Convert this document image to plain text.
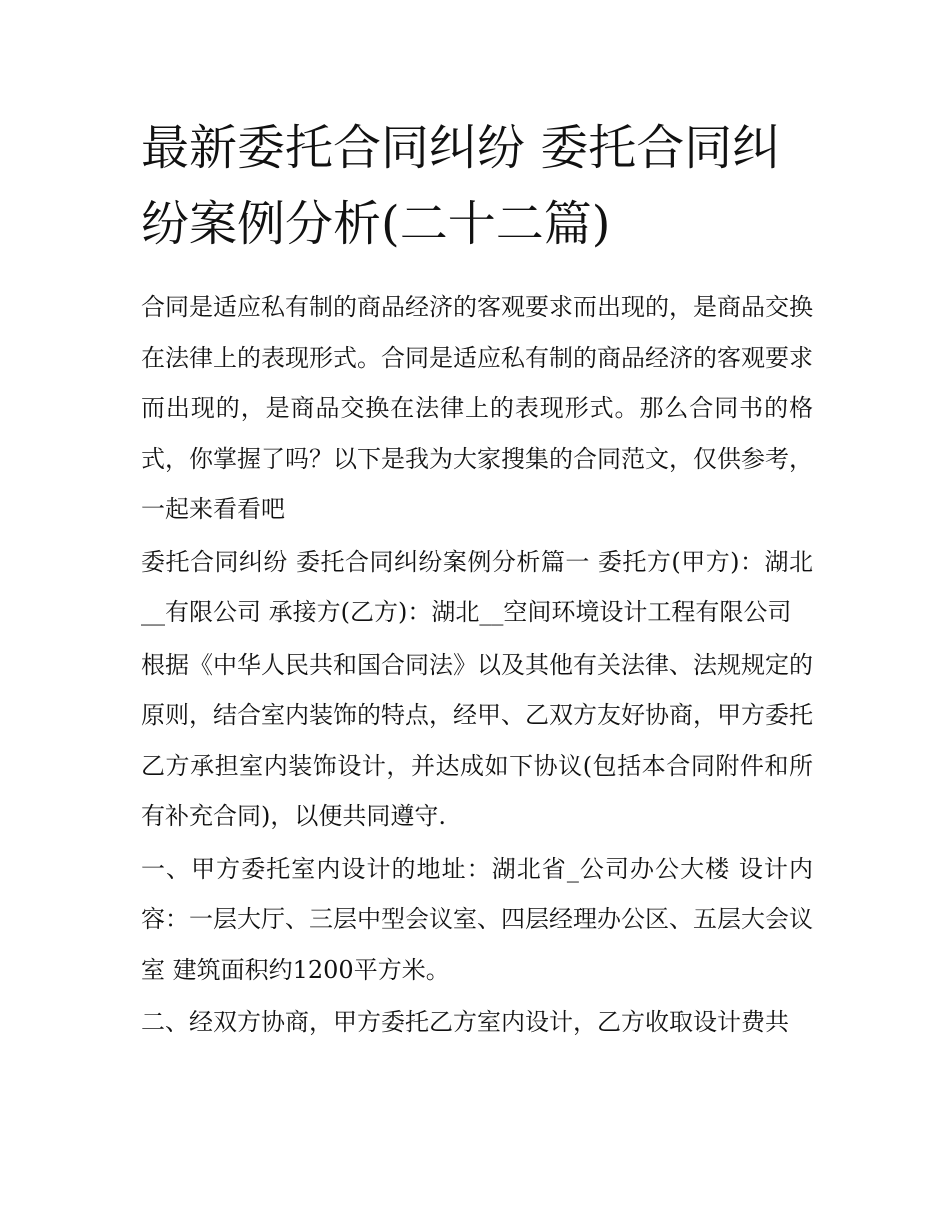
最新委托合同纠纷 委托合同纠纷案例分析(二十二篇)

合同是适应私有制的商品经济的客观要求而出现的，是商品交换在法律上的表现形式。合同是适应私有制的商品经济的客观要求而出现的，是商品交换在法律上的表现形式。那么合同书的格式，你掌握了吗？以下是我为大家搜集的合同范文，仅供参考，一起来看看吧

委托合同纠纷 委托合同纠纷案例分析篇一 委托方(甲方)：湖北__有限公司 承接方(乙方)：湖北__空间环境设计工程有限公司

根据《中华人民共和国合同法》以及其他有关法律、法规规定的原则，结合室内装饰的特点，经甲、乙双方友好协商，甲方委托乙方承担室内装饰设计，并达成如下协议(包括本合同附件和所有补充合同)，以便共同遵守.

一、甲方委托室内设计的地址：湖北省_公司办公大楼 设计内容：一层大厅、三层中型会议室、四层经理办公区、五层大会议室 建筑面积约1200平方米。

二、经双方协商，甲方委托乙方室内设计，乙方收取设计费共
